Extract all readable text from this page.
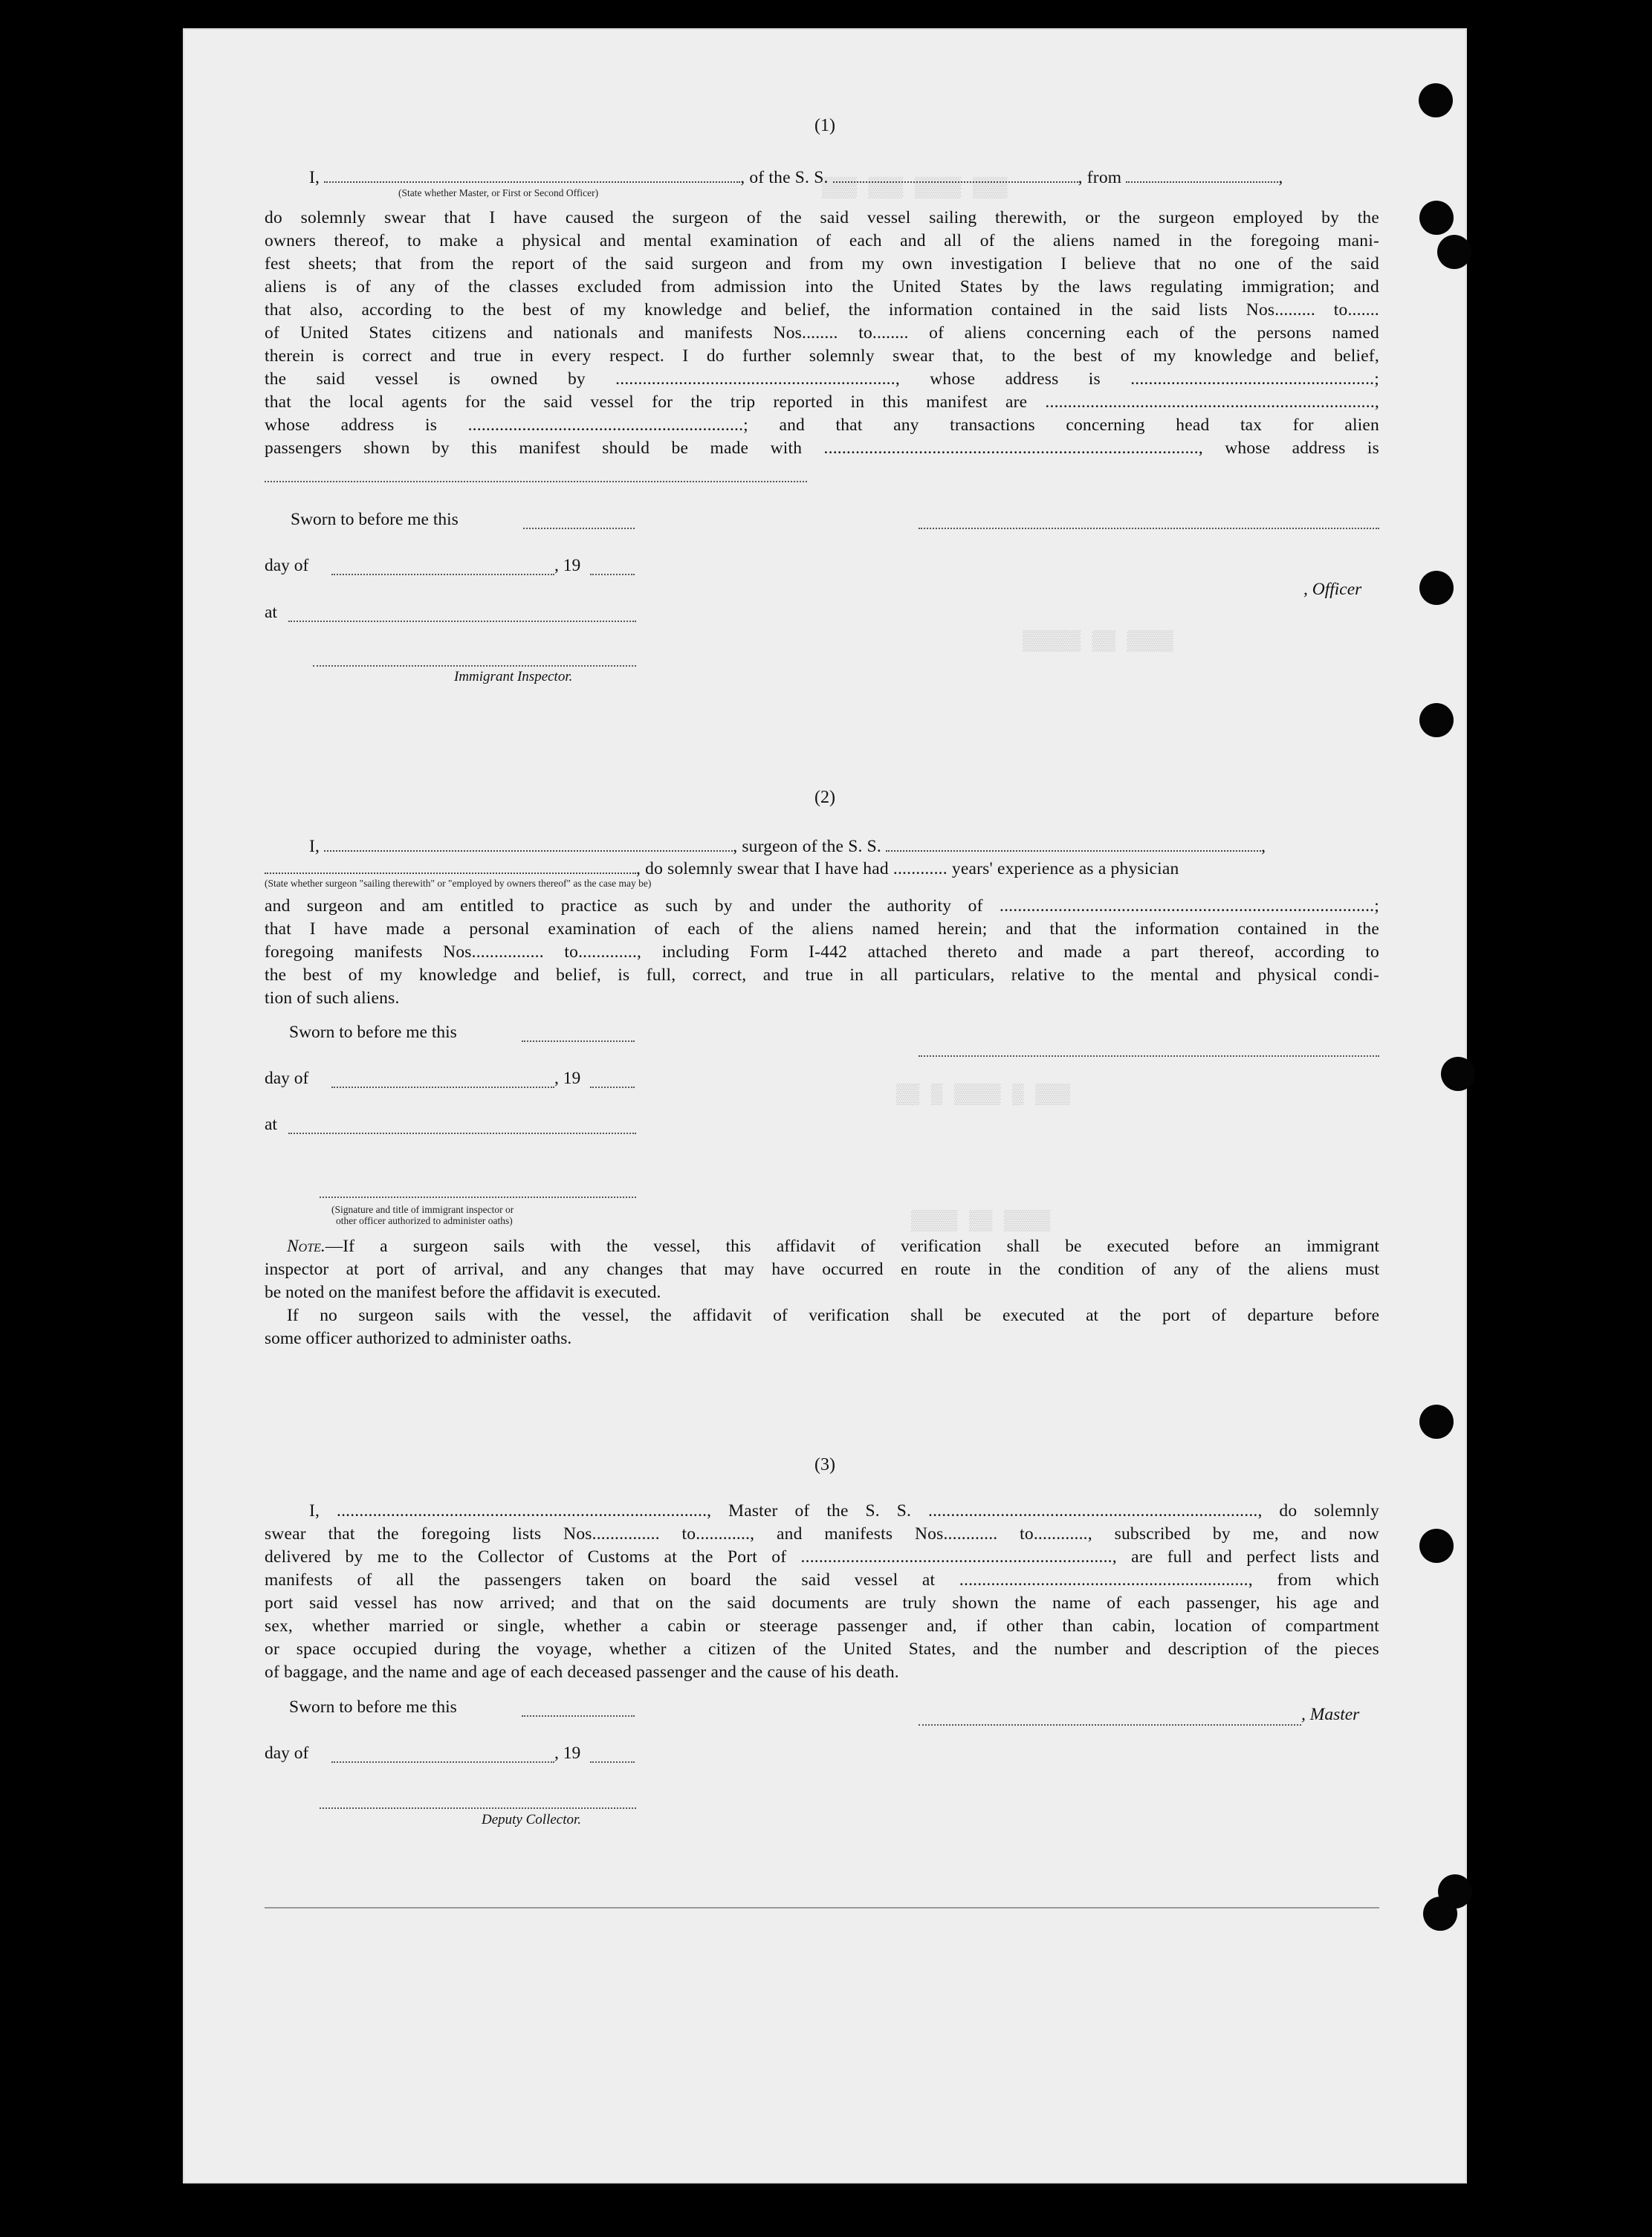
▒▒▒ ▒▒▒ ▒▒▒▒ ▒▒▒
▒▒▒▒▒ ▒▒ ▒▒▒▒
▒▒ ▒ ▒▒▒▒ ▒ ▒▒▒
▒▒▒▒ ▒▒ ▒▒▒▒
(1)
I,	, of the S. S.	, from	,
(State whether Master, or First or Second Officer)
do solemnly swear that I have caused the surgeon of the said vessel sailing therewith, or the surgeon employed by the
owners thereof, to make a physical and mental examination of each and all of the aliens named in the foregoing mani-
fest sheets; that from the report of the said surgeon and from my own investigation I believe that no one of the said
aliens is of any of the classes excluded from admission into the United States by the laws regulating immigration; and
that also, according to the best of my knowledge and belief, the information contained in the said lists Nos......... to.......
of United States citizens and nationals and manifests Nos........ to........ of aliens concerning each of the persons named
therein is correct and true in every respect. I do further solemnly swear that, to the best of my knowledge and belief,
the said vessel is owned by .............................................................., whose address is ......................................................;
that the local agents for the said vessel for the trip reported in this manifest are .........................................................................,
whose address is .............................................................; and that any transactions concerning head tax for alien
passengers shown by this manifest should be made with ..................................................................................., whose address is
Sworn to before me this
day of	, 19
, Officer
at
Immigrant Inspector.
(2)
I,	, surgeon of the S. S.	,
, do solemnly swear that I have had ............ years' experience as a physician
(State whether surgeon "sailing therewith" or "employed by owners thereof" as the case may be)
and surgeon and am entitled to practice as such by and under the authority of ...................................................................................;
that I have made a personal examination of each of the aliens named herein; and that the information contained in the
foregoing manifests Nos................ to............., including Form I-442 attached thereto and made a part thereof, according to
the best of my knowledge and belief, is full, correct, and true in all particulars, relative to the mental and physical condi-
tion of such aliens.
Sworn to before me this
day of	, 19
at
(Signature and title of immigrant inspector or
other officer authorized to administer oaths)
Note.—If a surgeon sails with the vessel, this affidavit of verification shall be executed before an immigrant
inspector at port of arrival, and any changes that may have occurred en route in the condition of any of the aliens must
be noted on the manifest before the affidavit is executed.
If no surgeon sails with the vessel, the affidavit of verification shall be executed at the port of departure before
some officer authorized to administer oaths.
(3)
I, .................................................................................., Master of the S. S. ........................................................................., do solemnly
swear that the foregoing lists Nos............... to............, and manifests Nos............ to............, subscribed by me, and now
delivered by me to the Collector of Customs at the Port of ....................................................................., are full and perfect lists and
manifests of all the passengers taken on board the said vessel at ................................................................, from which
port said vessel has now arrived; and that on the said documents are truly shown the name of each passenger, his age and
sex, whether married or single, whether a cabin or steerage passenger and, if other than cabin, location of compartment
or space occupied during the voyage, whether a citizen of the United States, and the number and description of the pieces
of baggage, and the name and age of each deceased passenger and the cause of his death.
Sworn to before me this	, Master
day of	, 19
Deputy Collector.
